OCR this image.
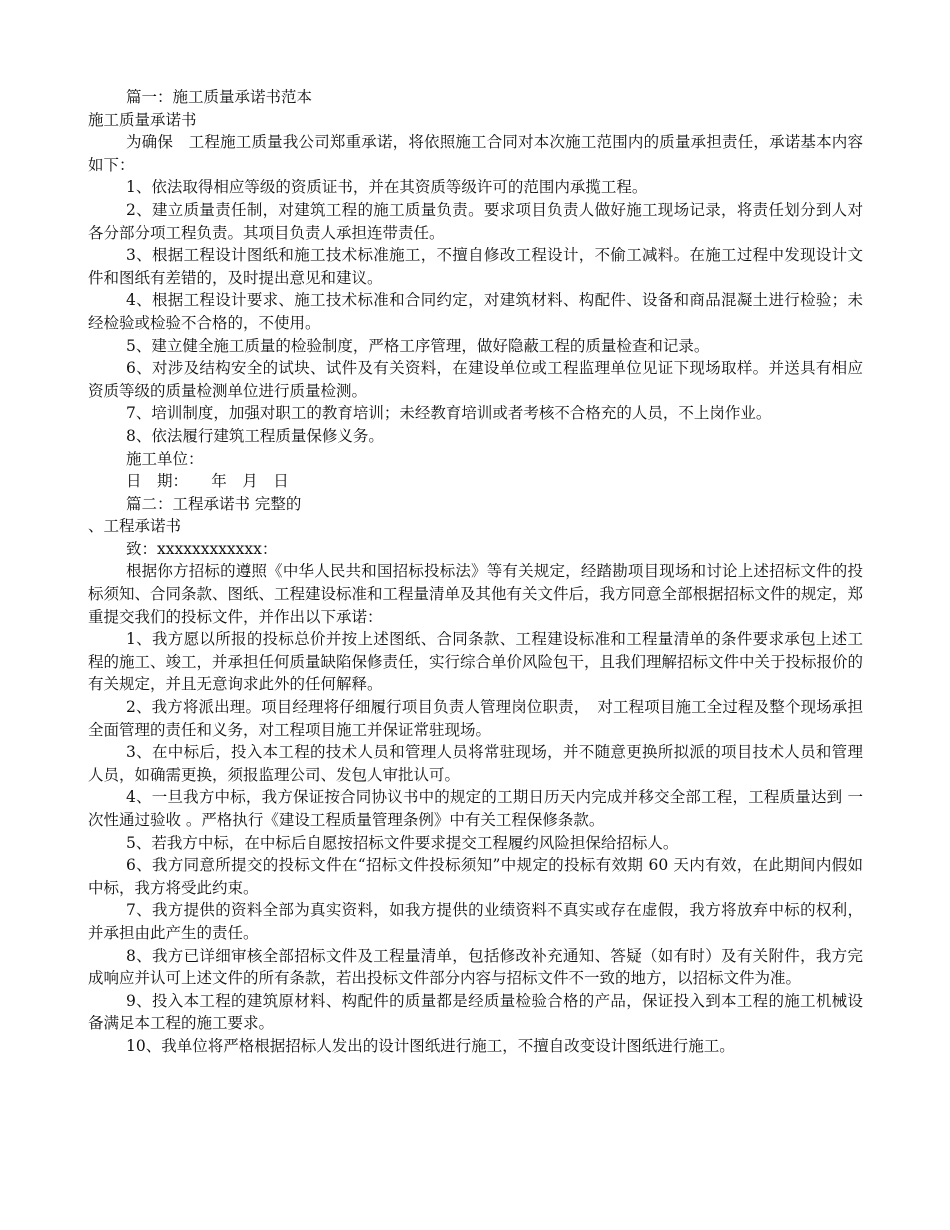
篇一：施工质量承诺书范本

施工质量承诺书

为确保　工程施工质量我公司郑重承诺，将依照施工合同对本次施工范围内的质量承担责任，承诺基本内容如下：

1、依法取得相应等级的资质证书，并在其资质等级许可的范围内承揽工程。

2、建立质量责任制，对建筑工程的施工质量负责。要求项目负责人做好施工现场记录，将责任划分到人对各分部分项工程负责。其项目负责人承担连带责任。

3、根据工程设计图纸和施工技术标准施工，不擅自修改工程设计，不偷工减料。在施工过程中发现设计文件和图纸有差错的，及时提出意见和建议。

4、根据工程设计要求、施工技术标准和合同约定，对建筑材料、构配件、设备和商品混凝土进行检验；未经检验或检验不合格的，不使用。

5、建立健全施工质量的检验制度，严格工序管理，做好隐蔽工程的质量检查和记录。

6、对涉及结构安全的试块、试件及有关资料，在建设单位或工程监理单位见证下现场取样。并送具有相应资质等级的质量检测单位进行质量检测。

7、培训制度，加强对职工的教育培训；未经教育培训或者考核不合格充的人员，不上岗作业。

8、依法履行建筑工程质量保修义务。

施工单位：

日　期：　　年　月　日

篇二：工程承诺书 完整的

、工程承诺书

致：xxxxxxxxxxxx：

根据你方招标的遵照《中华人民共和国招标投标法》等有关规定，经踏勘项目现场和讨论上述招标文件的投标须知、合同条款、图纸、工程建设标准和工程量清单及其他有关文件后，我方同意全部根据招标文件的规定，郑重提交我们的投标文件，并作出以下承诺：

1、我方愿以所报的投标总价并按上述图纸、合同条款、工程建设标准和工程量清单的条件要求承包上述工程的施工、竣工，并承担任何质量缺陷保修责任，实行综合单价风险包干，且我们理解招标文件中关于投标报价的有关规定，并且无意询求此外的任何解释。

2、我方将派出理。项目经理将仔细履行项目负责人管理岗位职责，　对工程项目施工全过程及整个现场承担全面管理的责任和义务，对工程项目施工并保证常驻现场。

3、在中标后，投入本工程的技术人员和管理人员将常驻现场，并不随意更换所拟派的项目技术人员和管理人员，如确需更换，须报监理公司、发包人审批认可。

4、一旦我方中标，我方保证按合同协议书中的规定的工期日历天内完成并移交全部工程，工程质量达到 一次性通过验收 。严格执行《建设工程质量管理条例》中有关工程保修条款。

5、若我方中标，在中标后自愿按招标文件要求提交工程履约风险担保给招标人。

6、我方同意所提交的投标文件在“招标文件投标须知”中规定的投标有效期 60 天内有效，在此期间内假如中标，我方将受此约束。

7、我方提供的资料全部为真实资料，如我方提供的业绩资料不真实或存在虚假，我方将放弃中标的权利，并承担由此产生的责任。

8、我方已详细审核全部招标文件及工程量清单，包括修改补充通知、答疑（如有时）及有关附件，我方完成响应并认可上述文件的所有条款，若出投标文件部分内容与招标文件不一致的地方，以招标文件为准。

9、投入本工程的建筑原材料、构配件的质量都是经质量检验合格的产品，保证投入到本工程的施工机械设备满足本工程的施工要求。

10、我单位将严格根据招标人发出的设计图纸进行施工，不擅自改变设计图纸进行施工。
